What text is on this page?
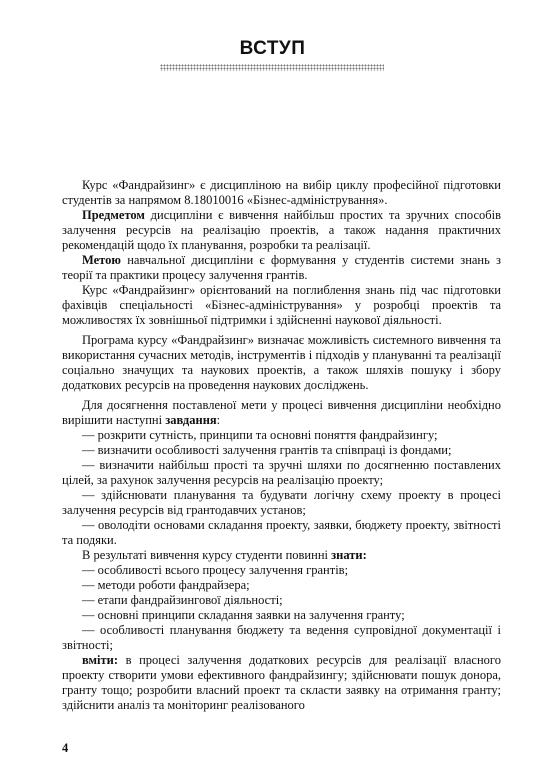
ВСТУП

Курс «Фандрайзинг» є дисципліною на вибір циклу професійної підготовки студентів за напрямом 8.18010016 «Бізнес-адміністрування».

Предметом дисципліни є вивчення найбільш простих та зручних способів залучення ресурсів на реалізацію проектів, а також надання практичних рекомендацій щодо їх планування, розробки та реалізації.

Метою навчальної дисципліни є формування у студентів системи знань з теорії та практики процесу залучення грантів.

Курс «Фандрайзинг» орієнтований на поглиблення знань під час підготовки фахівців спеціальності «Бізнес-адміністрування» у розробці проектів та можливостях їх зовнішньої підтримки і здійсненні наукової діяльності.

Програма курсу «Фандрайзинг» визначає можливість системного вивчення та використання сучасних методів, інструментів і підходів у плануванні та реалізації соціально значущих та наукових проектів, а також шляхів пошуку і збору додаткових ресурсів на проведення наукових досліджень.

Для досягнення поставленої мети у процесі вивчення дисципліни необхідно вирішити наступні завдання:

— розкрити сутність, принципи та основні поняття фандрайзингу;

— визначити особливості залучення грантів та співпраці із фондами;

— визначити найбільш прості та зручні шляхи по досягненню поставлених цілей, за рахунок залучення ресурсів на реалізацію проекту;

— здійснювати планування та будувати логічну схему проекту в процесі залучення ресурсів від грантодавчих установ;

— оволодіти основами складання проекту, заявки, бюджету проекту, звітності та подяки.

В результаті вивчення курсу студенти повинні знати:

— особливості всього процесу залучення грантів;

— методи роботи фандрайзера;

— етапи фандрайзингової діяльності;

— основні принципи складання заявки на залучення гранту;

— особливості планування бюджету та ведення супровідної документації і звітності;

вміти: в процесі залучення додаткових ресурсів для реалізації власного проекту створити умови ефективного фандрайзингу; здійснювати пошук донора, гранту тощо; розробити власний проект та скласти заявку на отримання гранту; здійснити аналіз та моніторинг реалізованого

4
